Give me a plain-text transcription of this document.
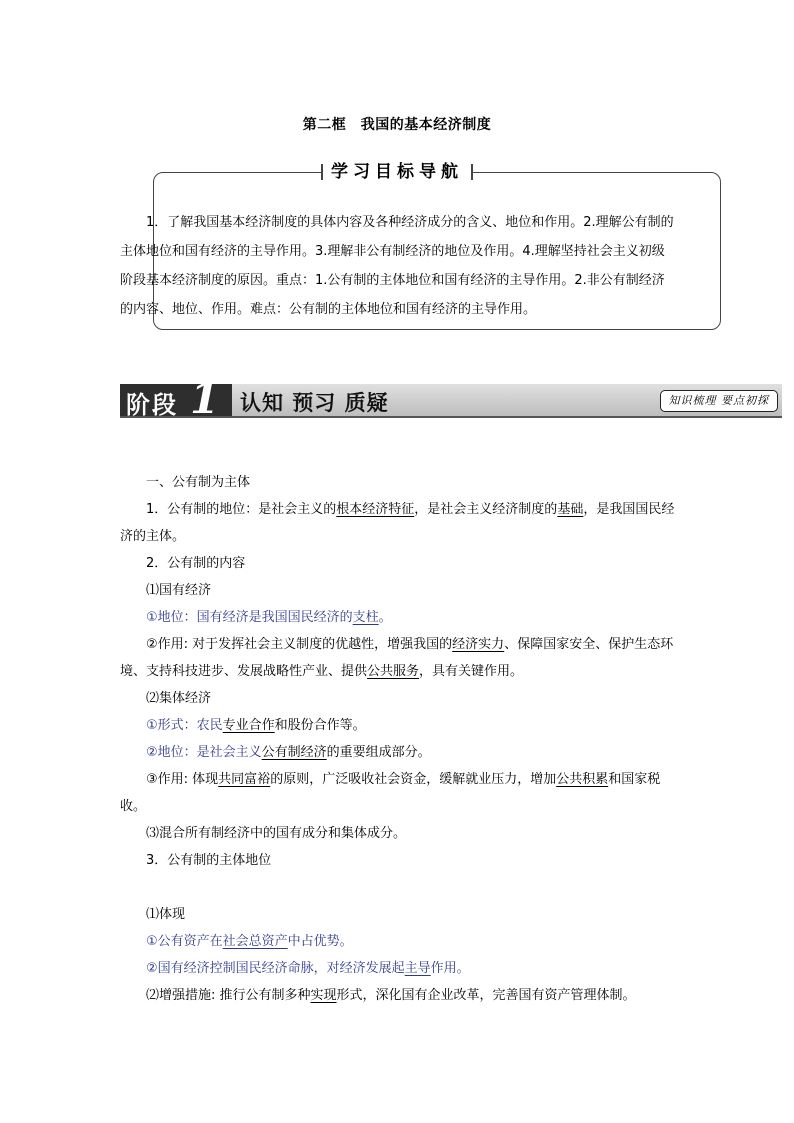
第二框　我国的基本经济制度
学习目标导航
1．了解我国基本经济制度的具体内容及各种经济成分的含义、地位和作用。2.理解公有制的主体地位和国有经济的主导作用。3.理解非公有制经济的地位及作用。4.理解坚持社会主义初级阶段基本经济制度的原因。重点：1.公有制的主体地位和国有经济的主导作用。2.非公有制经济的内容、地位、作用。难点：公有制的主体地位和国有经济的主导作用。
阶段 1 认知 预习 质疑	知识梳理 要点初探
一、公有制为主体
1．公有制的地位：是社会主义的根本经济特征，是社会主义经济制度的基础，是我国国民经济的主体。
2．公有制的内容
⑴国有经济
①地位：国有经济是我国国民经济的支柱。
②作用: 对于发挥社会主义制度的优越性，增强我国的经济实力、保障国家安全、保护生态环境、支持科技进步、发展战略性产业、提供公共服务，具有关键作用。
⑵集体经济
①形式：农民专业合作和股份合作等。
②地位：是社会主义公有制经济的重要组成部分。
③作用: 体现共同富裕的原则，广泛吸收社会资金，缓解就业压力，增加公共积累和国家税收。
⑶混合所有制经济中的国有成分和集体成分。
3．公有制的主体地位
⑴体现
①公有资产在社会总资产中占优势。
②国有经济控制国民经济命脉，对经济发展起主导作用。
⑵增强措施: 推行公有制多种实现形式，深化国有企业改革，完善国有资产管理体制。
